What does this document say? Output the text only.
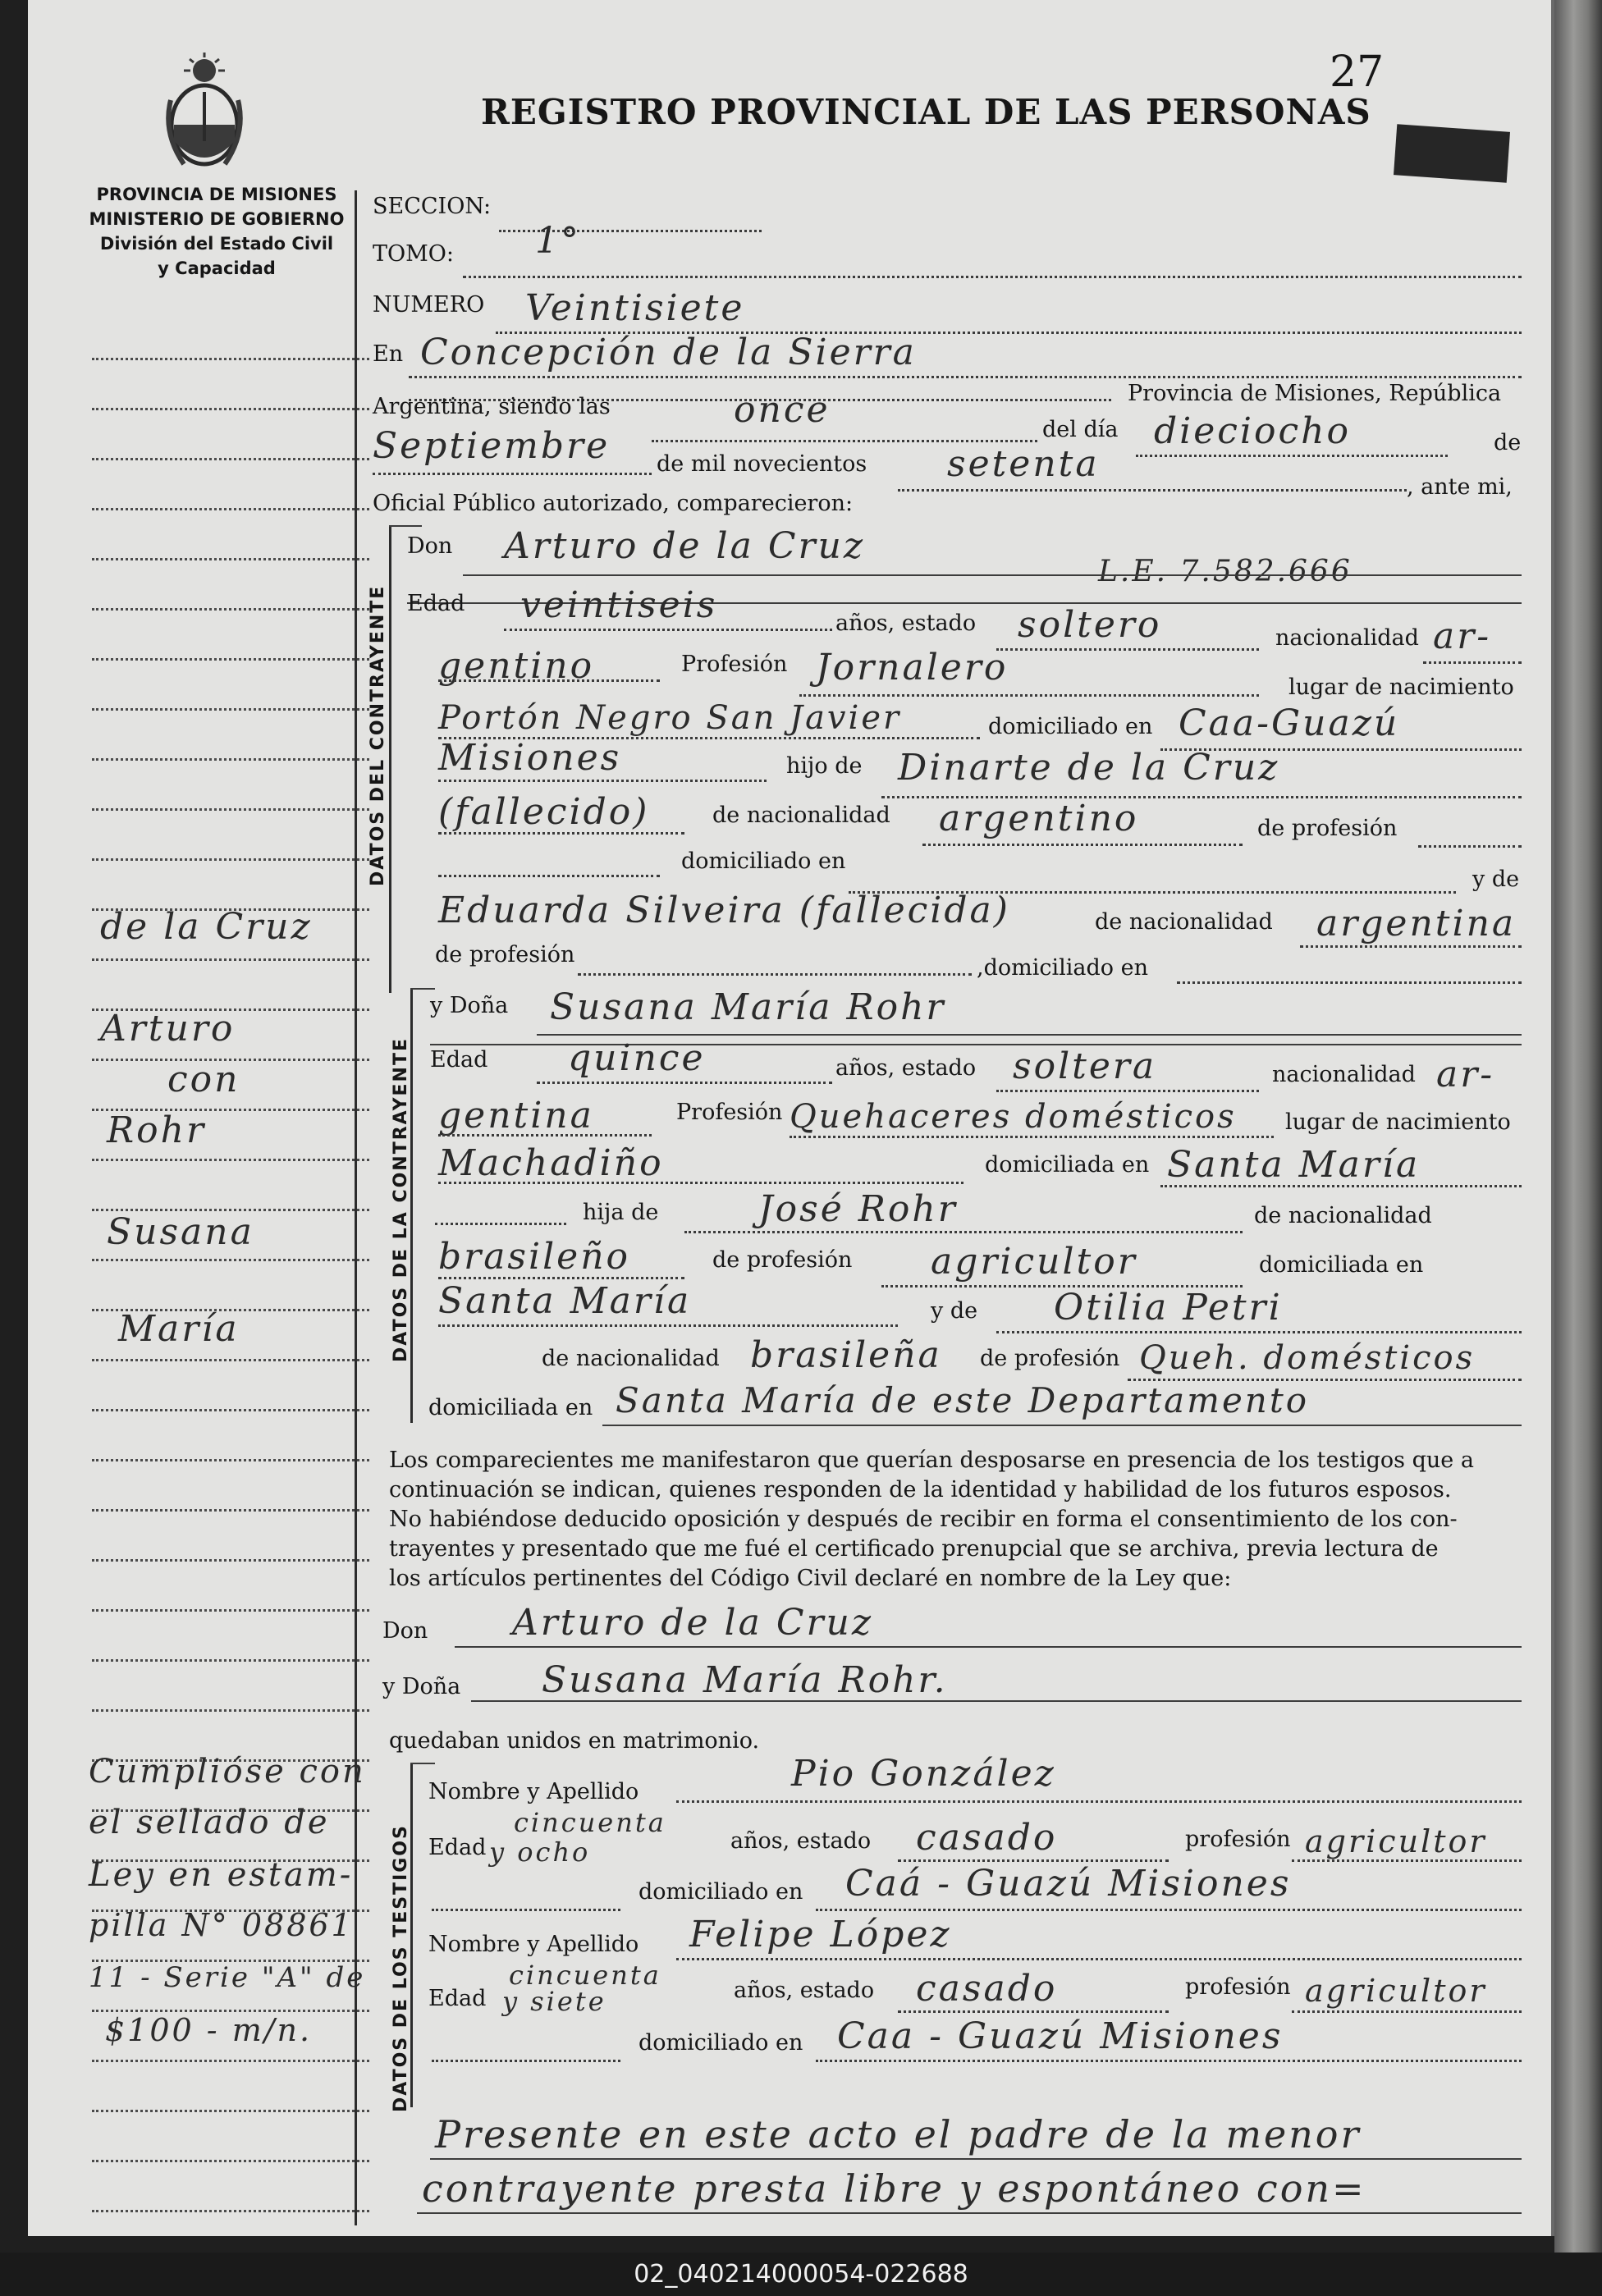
27
REGISTRO PROVINCIAL DE LAS PERSONAS
PROVINCIA DE MISIONES
MINISTERIO DE GOBIERNO
División del Estado Civil
y Capacidad
de la Cruz
Arturo
con
Rohr
Susana
María
Cumplióse con
el sellado de
Ley en estam-
pilla N° 08861
11 - Serie "A" de
$100 - m/n.
SECCION:
TOMO: 1°
NUMERO Veintisiete
En Concepción de la Sierra
Provincia de Misiones, República
Argentina, siendo las	once	del día dieciocho	de
Septiembre de mil novecientos setenta
, ante mi,
Oficial Público autorizado, comparecieron:
DATOS DEL CONTRAYENTE
Don Arturo de la Cruz
L.E. 7.582.666
Edad veintiseis	años, estado soltero	nacionalidad ar-
gentino	Profesión Jornalero	lugar de nacimiento
Portón Negro San Javier	domiciliado en Caa-Guazú
Misiones	hijo de Dinarte de la Cruz
(fallecido)	de nacionalidad argentino	de profesión
domiciliado en
y de
Eduarda Silveira (fallecida)	de nacionalidad argentina
de profesión
,domiciliado en
DATOS DE LA CONTRAYENTE
y Doña Susana María Rohr
Edad quince	años, estado soltera	nacionalidad ar-
gentina	Profesión Quehaceres domésticos lugar de nacimiento
Machadiño	domiciliada en Santa María
hija de	José Rohr	de nacionalidad
brasileño	de profesión agricultor	domiciliada en
Santa María	y de Otilia Petri
de nacionalidad brasileña de profesión Queh. domésticos
domiciliada en Santa María de este Departamento
Los comparecientes me manifestaron que querían desposarse en presencia de los testigos que a
continuación se indican, quienes responden de la identidad y habilidad de los futuros esposos.
No habiéndose deducido oposición y después de recibir en forma el consentimiento de los con-
trayentes y presentado que me fué el certificado prenupcial que se archiva, previa lectura de
los artículos pertinentes del Código Civil declaré en nombre de la Ley que:
Don Arturo de la Cruz
y Doña Susana María Rohr.
quedaban unidos en matrimonio.
DATOS DE LOS TESTIGOS
Nombre y Apellido	Pio González
Edad
cincuenta
y ocho	años, estado casado	profesión agricultor
domiciliado en Caá - Guazú Misiones
Nombre y Apellido Felipe López
Edad
cincuenta
y siete	años, estado casado	profesión agricultor
domiciliado en Caa - Guazú Misiones
Presente en este acto el padre de la menor
contrayente presta libre y espontáneo con=
02_040214000054-022688
